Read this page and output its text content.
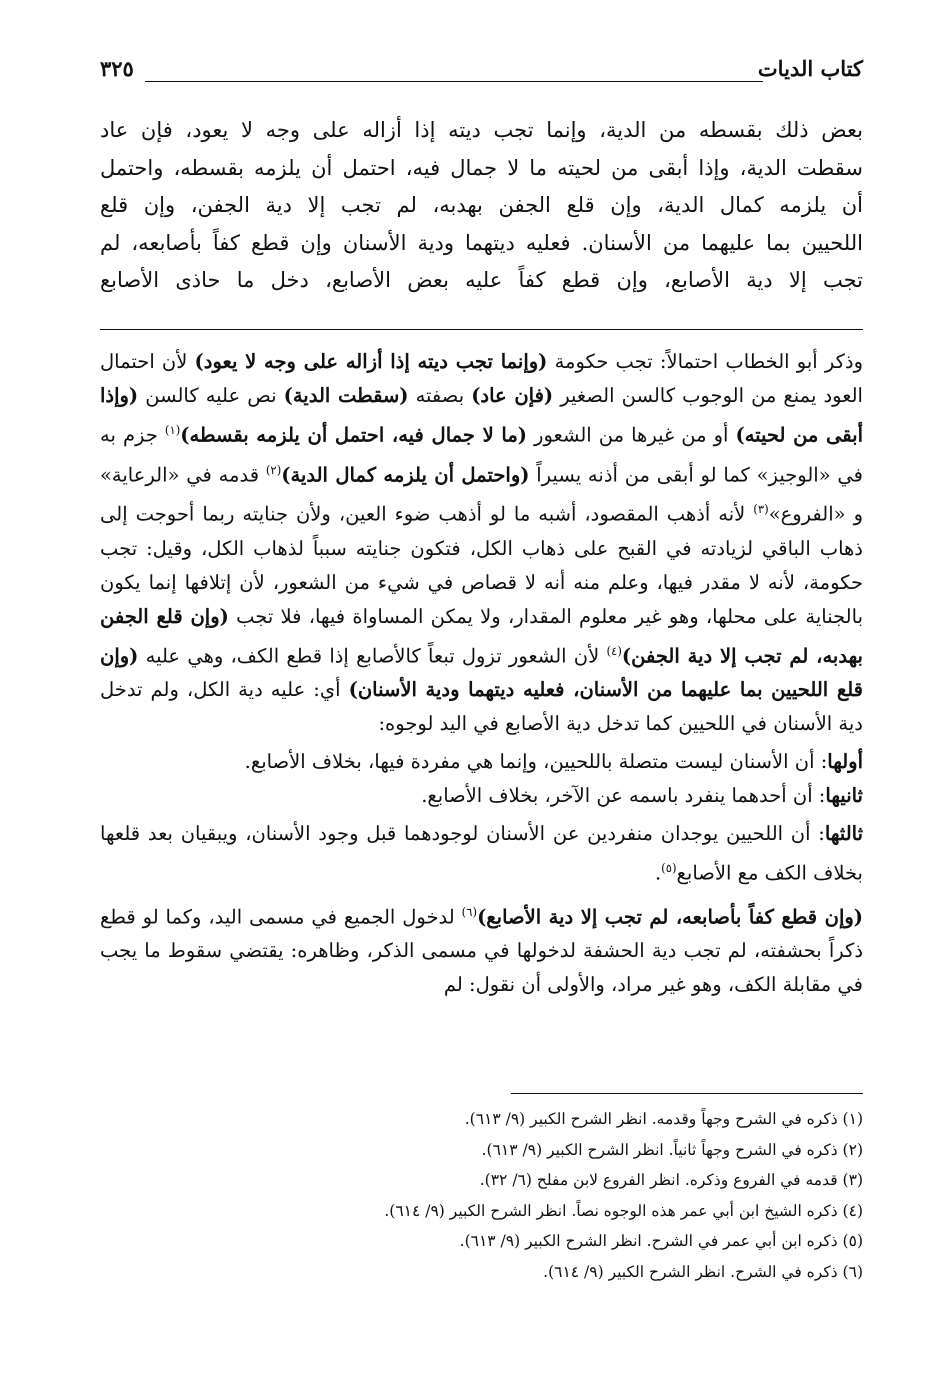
كتاب الديات
٣٢٥

بعض ذلك بقسطه من الدية، وإنما تجب ديته إذا أزاله على وجه لا يعود، فإن عاد

سقطت الدية، وإذا أبقى من لحيته ما لا جمال فيه، احتمل أن يلزمه بقسطه، واحتمل

أن يلزمه كمال الدية، وإن قلع الجفن بهدبه، لم تجب إلا دية الجفن، وإن قلع

اللحيين بما عليهما من الأسنان. فعليه ديتهما ودية الأسنان وإن قطع كفاً بأصابعه، لم

تجب إلا دية الأصابع، وإن قطع كفاً عليه بعض الأصابع، دخل ما حاذى الأصابع

وذكر أبو الخطاب احتمالاً: تجب حكومة (وإنما تجب ديته إذا أزاله على وجه لا يعود) لأن احتمال العود يمنع من الوجوب كالسن الصغير (فإن عاد) بصفته (سقطت الدية) نص عليه كالسن (وإذا أبقى من لحيته) أو من غيرها من الشعور (ما لا جمال فيه، احتمل أن يلزمه بقسطه)$^{(١)}$ جزم به في «الوجيز» كما لو أبقى من أذنه يسيراً (واحتمل أن يلزمه كمال الدية)$^{(٢)}$ قدمه في «الرعاية» و «الفروع»$^{(٣)}$ لأنه أذهب المقصود، أشبه ما لو أذهب ضوء العين، ولأن جنايته ربما أحوجت إلى ذهاب الباقي لزيادته في القبح على ذهاب الكل، فتكون جنايته سبباً لذهاب الكل، وقيل: تجب حكومة، لأنه لا مقدر فيها، وعلم منه أنه لا قصاص في شيء من الشعور، لأن إتلافها إنما يكون بالجناية على محلها، وهو غير معلوم المقدار، ولا يمكن المساواة فيها، فلا تجب (وإن قلع الجفن بهدبه، لم تجب إلا دية الجفن)$^{(٤)}$ لأن الشعور تزول تبعاً كالأصابع إذا قطع الكف، وهي عليه (وإن قلع اللحيين بما عليهما من الأسنان، فعليه ديتهما ودية الأسنان) أي: عليه دية الكل، ولم تدخل دية الأسنان في اللحيين كما تدخل دية الأصابع في اليد لوجوه:

أولها: أن الأسنان ليست متصلة باللحيين، وإنما هي مفردة فيها، بخلاف الأصابع.

ثانيها: أن أحدهما ينفرد باسمه عن الآخر، بخلاف الأصابع.

ثالثها: أن اللحيين يوجدان منفردين عن الأسنان لوجودهما قبل وجود الأسنان، ويبقيان بعد قلعها بخلاف الكف مع الأصابع$^{(٥)}$.

(وإن قطع كفاً بأصابعه، لم تجب إلا دية الأصابع)$^{(٦)}$ لدخول الجميع في مسمى اليد، وكما لو قطع ذكراً بحشفته، لم تجب دية الحشفة لدخولها في مسمى الذكر، وظاهره: يقتضي سقوط ما يجب في مقابلة الكف، وهو غير مراد، والأولى أن نقول: لم

(١) ذكره في الشرح وجهاً وقدمه. انظر الشرح الكبير (٩/ ٦١٣).

(٢) ذكره في الشرح وجهاً ثانياً. انظر الشرح الكبير (٩/ ٦١٣).

(٣) قدمه في الفروع وذكره. انظر الفروع لابن مفلح (٦/ ٣٢).

(٤) ذكره الشيخ ابن أبي عمر هذه الوجوه نصاً. انظر الشرح الكبير (٩/ ٦١٤).

(٥) ذكره ابن أبي عمر في الشرح. انظر الشرح الكبير (٩/ ٦١٣).

(٦) ذكره في الشرح. انظر الشرح الكبير (٩/ ٦١٤).
